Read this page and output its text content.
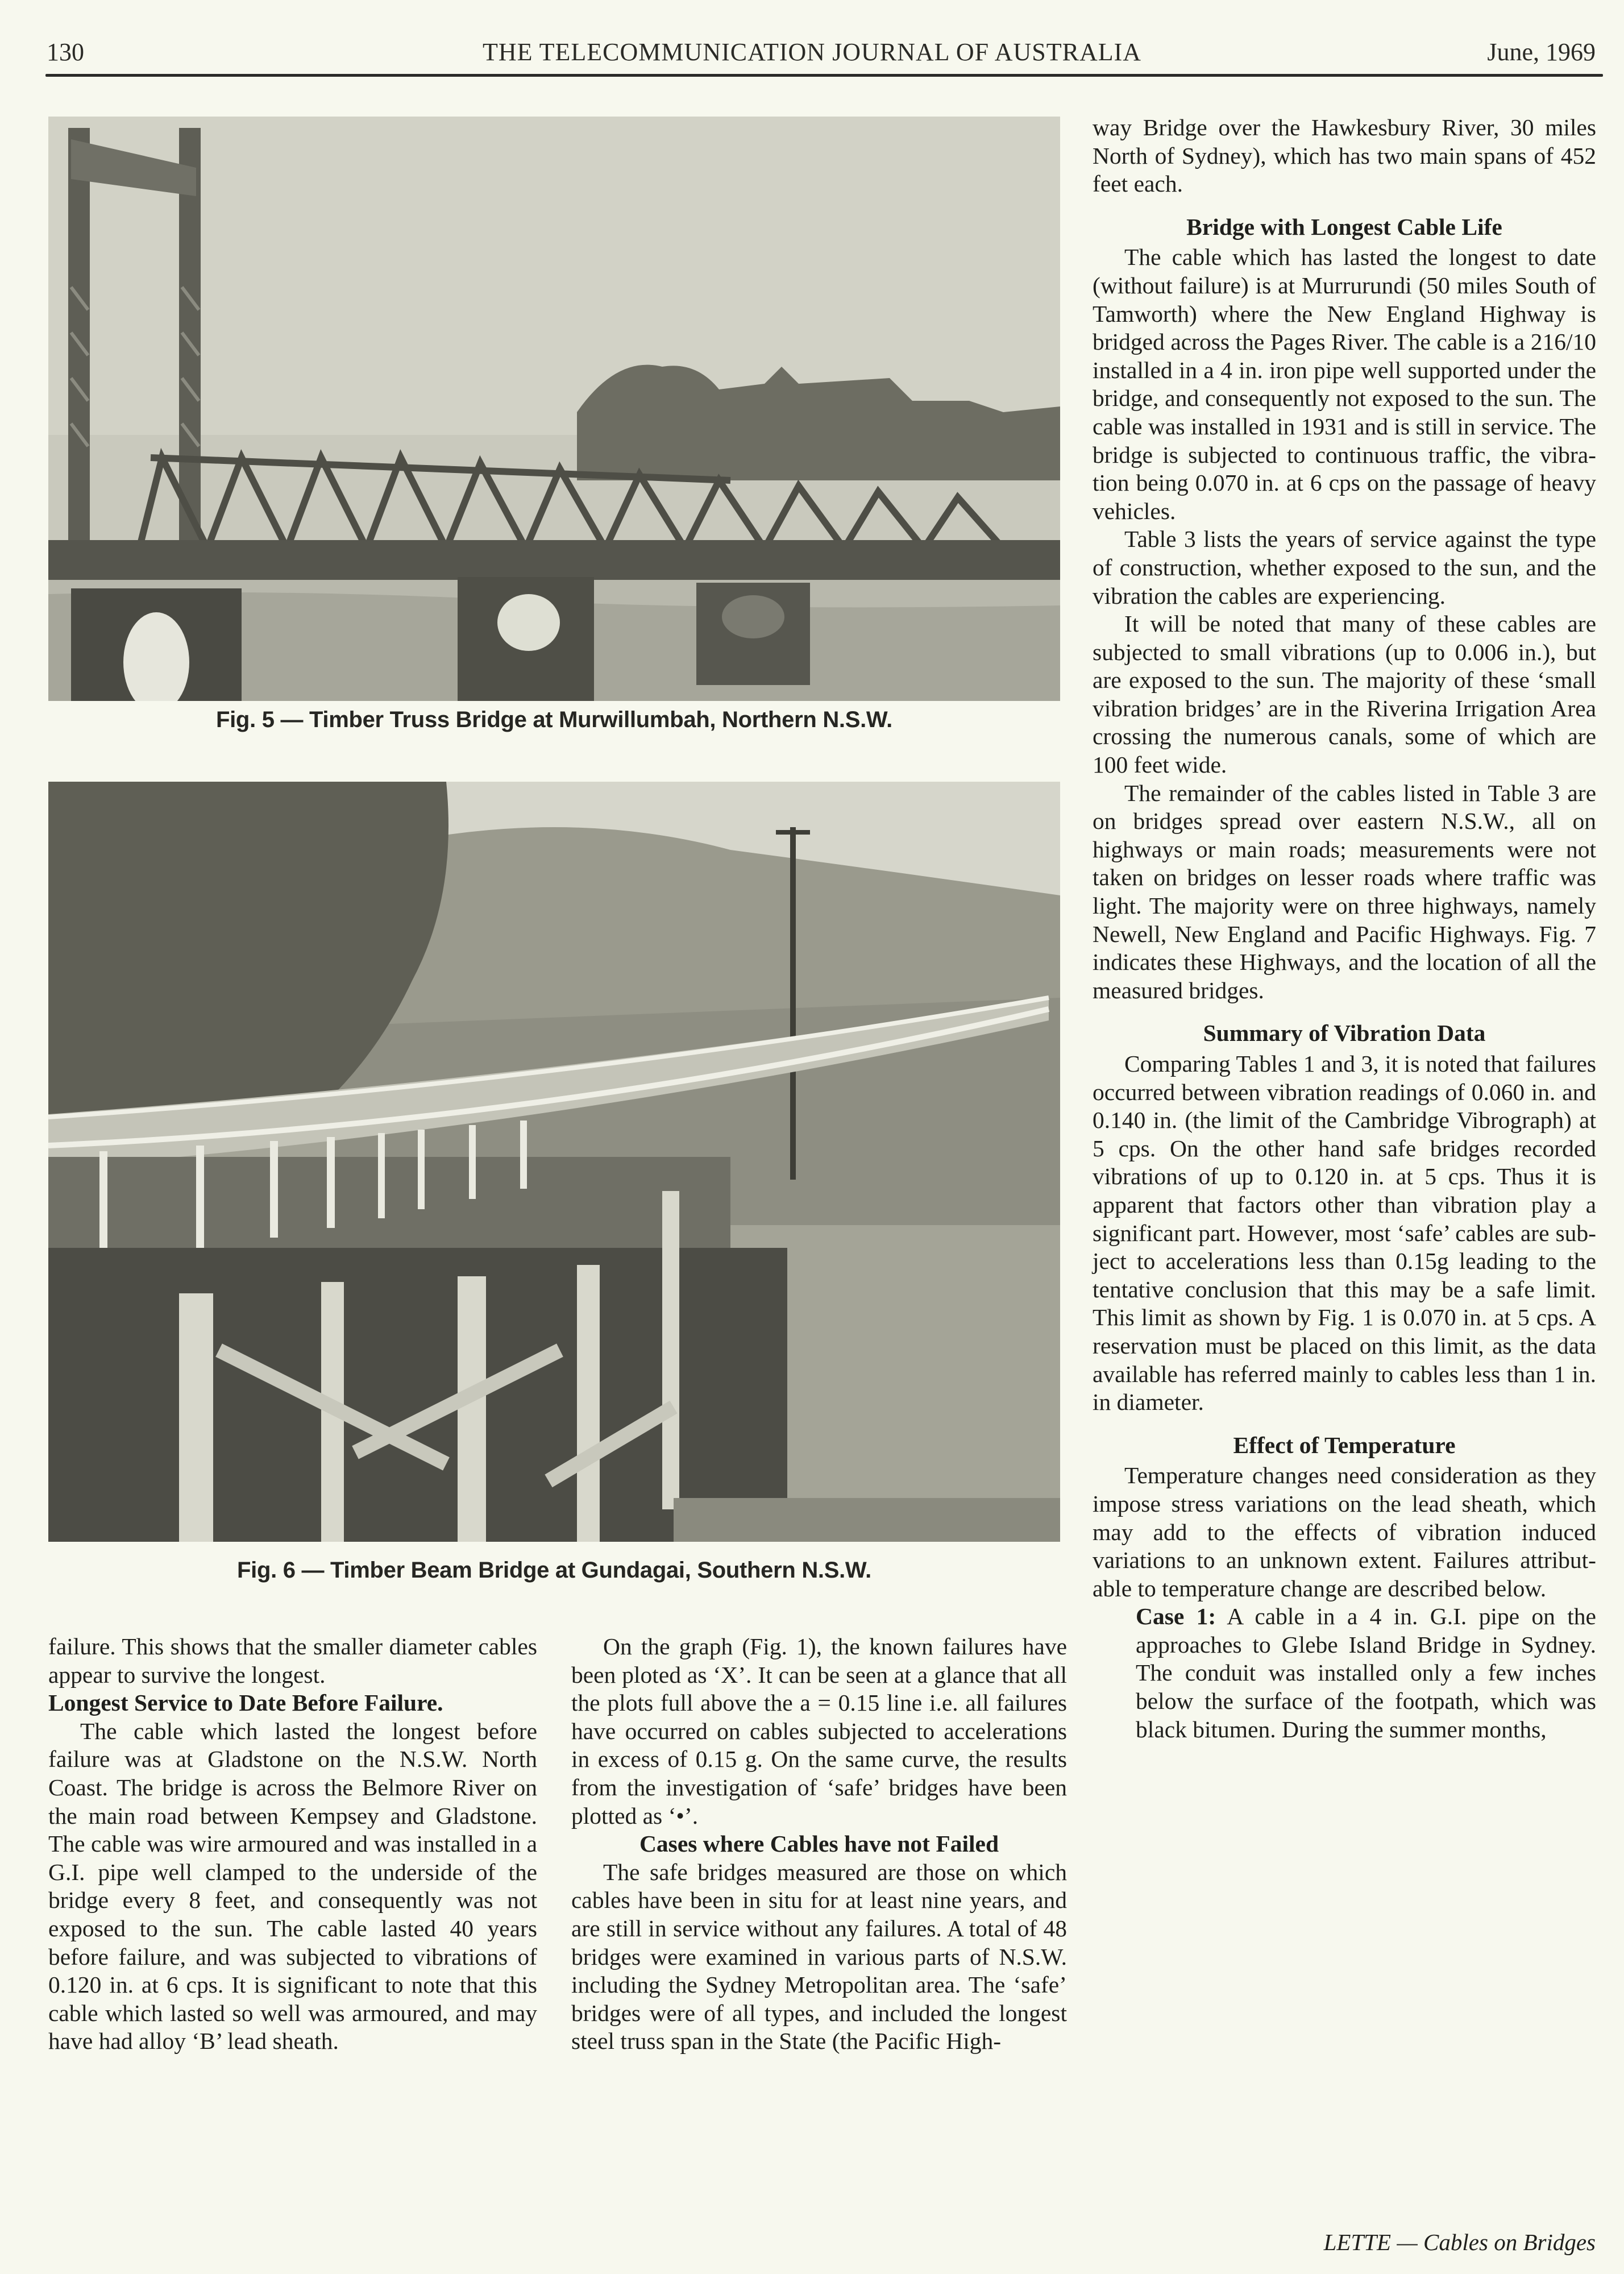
130	THE TELECOMMUNICATION JOURNAL OF AUSTRALIA	June, 1969
Fig. 5 — Timber Truss Bridge at Murwillumbah, Northern N.S.W.
Fig. 6 — Timber Beam Bridge at Gundagai, Southern N.S.W.

failure. This shows that the smaller diameter cables appear to survive the longest.

Longest Service to Date Before Failure.

The cable which lasted the longest before failure was at Gladstone on the N.S.W. North Coast. The bridge is across the Belmore River on the main road between Kempsey and Gladstone. The cable was wire armoured and was installed in a G.I. pipe well clamped to the underside of the bridge every 8 feet, and consequently was not exposed to the sun. The cable lasted 40 years before failure, and was subjected to vibrations of 0.120 in. at 6 cps. It is significant to note that this cable which lasted so well was armoured, and may have had alloy ‘B’ lead sheath.

On the graph (Fig. 1), the known failures have been ploted as ‘X’. It can be seen at a glance that all the plots full above the a = 0.15 line i.e. all failures have occurred on cables subjected to accelerations in excess of 0.15 g. On the same curve, the results from the investigation of ‘safe’ bridges have been plotted as ‘•’.

Cases where Cables have not Failed

The safe bridges measured are those on which cables have been in situ for at least nine years, and are still in service without any failures. A total of 48 bridges were examined in various parts of N.S.W. including the Sydney Metropolitan area. The ‘safe’ bridges were of all types, and included the longest steel truss span in the State (the Pacific High-

way Bridge over the Hawkesbury River, 30 miles North of Sydney), which has two main spans of 452 feet each.

Bridge with Longest Cable Life

The cable which has lasted the longest to date (without failure) is at Murrurundi (50 miles South of Tamworth) where the New England Highway is bridged across the Pages River. The cable is a 216/10 installed in a 4 in. iron pipe well supported under the bridge, and consequently not exposed to the sun. The cable was installed in 1931 and is still in service. The bridge is subjected to continuous traffic, the vibration being 0.070 in. at 6 cps on the passage of heavy vehicles.

Table 3 lists the years of service against the type of construction, whether exposed to the sun, and the vibration the cables are experiencing.

It will be noted that many of these cables are subjected to small vibrations (up to 0.006 in.), but are exposed to the sun. The majority of these ‘small vibration bridges’ are in the Riverina Irrigation Area crossing the numerous canals, some of which are 100 feet wide.

The remainder of the cables listed in Table 3 are on bridges spread over eastern N.S.W., all on highways or main roads; measurements were not taken on bridges on lesser roads where traffic was light. The majority were on three highways, namely Newell, New England and Pacific Highways. Fig. 7 indicates these Highways, and the location of all the measured bridges.

Summary of Vibration Data

Comparing Tables 1 and 3, it is noted that failures occurred between vibration readings of 0.060 in. and 0.140 in. (the limit of the Cambridge Vibrograph) at 5 cps. On the other hand safe bridges recorded vibrations of up to 0.120 in. at 5 cps. Thus it is apparent that factors other than vibration play a significant part. However, most ‘safe’ cables are subject to accelerations less than 0.15g leading to the tentative conclusion that this may be a safe limit. This limit as shown by Fig. 1 is 0.070 in. at 5 cps. A reservation must be placed on this limit, as the data available has referred mainly to cables less than 1 in. in diameter.

Effect of Temperature

Temperature changes need consideration as they impose stress variations on the lead sheath, which may add to the effects of vibration induced variations to an unknown extent. Failures attributable to temperature change are described below.

Case 1: A cable in a 4 in. G.I. pipe on the approaches to Glebe Island Bridge in Sydney. The conduit was installed only a few inches below the surface of the footpath, which was black bitumen. During the summer months,

LETTE — Cables on Bridges
